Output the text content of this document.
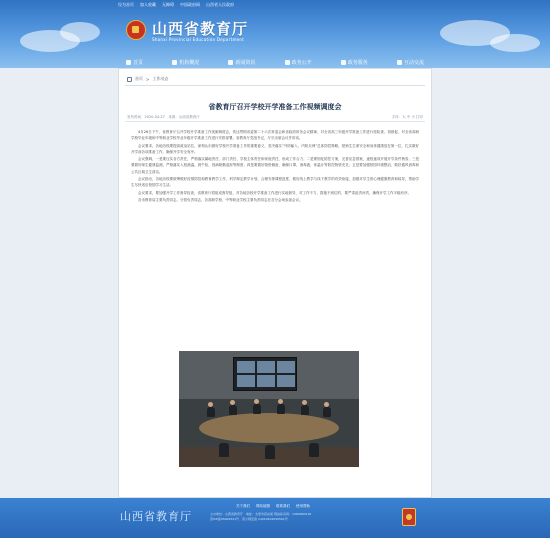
设为首页 加入收藏 无障碍 中国政府网 山西省人民政府
山西省教育厅
Shanxi Provincial Education Department
首页	机构概况	新闻资讯	政务公开	政务服务	互动交流
首页 > 工作动态
省教育厅召开学校开学准备工作视频调度会
发布时间：2020-04-27　 来源：山西省教育厅	字体：大 中 小 打印

4月26日下午，省教育厅召开学校开学准备工作视频调度会，传达贯彻省委第二十六次常委会和省政府常务会议精神，对全省高三年级开学准备工作进行再检查、再督促，对全省高职学校毕业年级和中等职业学校毕业年级开学准备工作进行安排部署。省教育厅党组书记、厅长出席会议并讲话。

会议要求，各地各校要提高政治站位，深刻认识做好学校开学准备工作的重要意义，坚决落实“外防输入、内防反弹”总体防控策略，把师生生命安全和身体健康放在第一位，扎实做好开学前各项准备工作，确保开学安全有序。

会议强调，一是要压实各方责任，严格落实属地责任、部门责任、学校主体责任和家庭责任，形成工作合力；二是要细化防控方案，完善应急预案，逐校逐项开展开学条件核验；三是要做好师生健康监测，严格落实入校测温、晨午检、因病缺勤追踪等制度；四是要做好物资储备，确保口罩、消毒液、体温计等防控物资充足；五是要加强校园环境整治，做好通风消毒和公共区域卫生清洁。

会议指出，各地各校要统筹做好疫情防控和教育教学工作，科学制定教学计划，合理安排课程进度，做好线上教学与线下教学的有效衔接，加强对学生的心理健康教育和疏导，帮助学生尽快适应校园学习生活。

会议要求，要加强开学工作督导检查，省教育厅将组成督导组，对各地各校开学准备工作进行实地督导，对工作不力、措施不到位的，要严肃追责问责，确保开学工作平稳有序。

各市教育局主要负责同志、分管负责同志，各高职学校、中等职业学校主要负责同志在各分会场参加会议。

山西省教育厅
关于我们 网站地图 联系我们 使用帮助
主办单位：山西省教育厅　地址：太原市府东街 网站标识码：1400000018
晋ICP备05004521号　晋公网安备 14010502050501号
